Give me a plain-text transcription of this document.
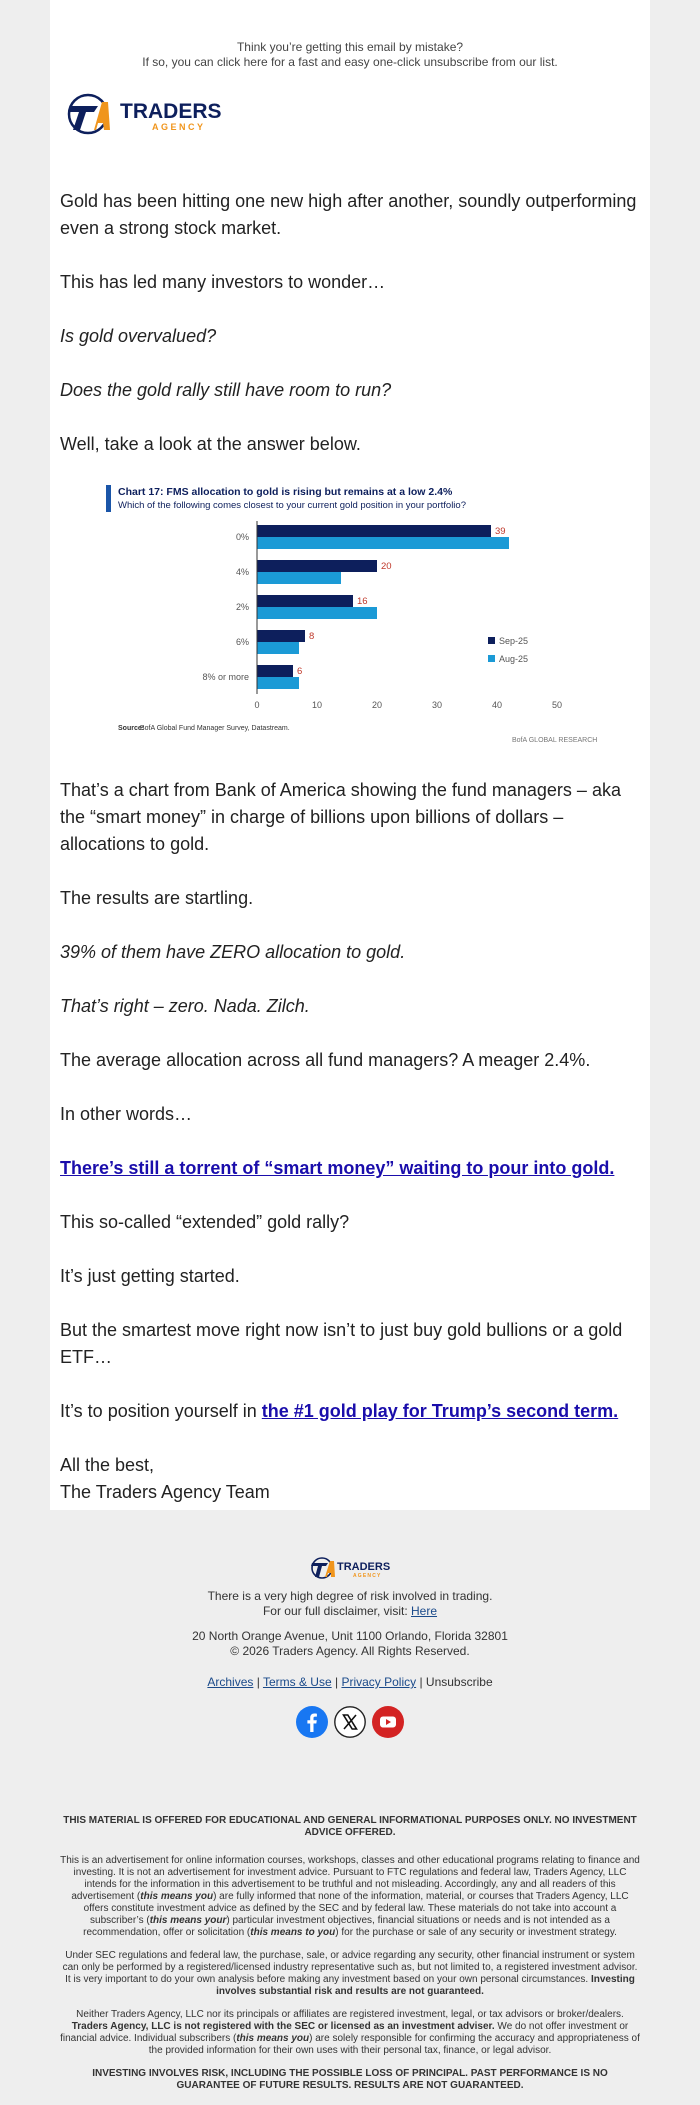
Think you’re getting this email by mistake?
If so, you can click here for a fast and easy one-click unsubscribe from our list.
TRADERS
AGENCY

Gold has been hitting one new high after another, soundly outperforming even a strong stock market.

This has led many investors to wonder…

Is gold overvalued?

Does the gold rally still have room to run?

Well, take a look at the answer below.

Chart 17: FMS allocation to gold is rising but remains at a low 2.4%
Which of the following comes closest to your current gold position in your portfolio?
0%	39
4%	20
2%	16
6%	8
8% or more	6
0	10	20	30	40	50
Sep-25
Aug-25
Source:
BofA Global Fund Manager Survey, Datastream.
BofA GLOBAL RESEARCH

That’s a chart from Bank of America showing the fund managers – aka the “smart money” in charge of billions upon billions of dollars – allocations to gold.

The results are startling.

39% of them have ZERO allocation to gold.

That’s right – zero. Nada. Zilch.

The average allocation across all fund managers? A meager 2.4%.

In other words…

There’s still a torrent of “smart money” waiting to pour into gold.

This so-called “extended” gold rally?

It’s just getting started.

But the smartest move right now isn’t to just buy gold bullions or a gold ETF…

It’s to position yourself in the #1 gold play for Trump’s second term.

All the best,
The Traders Agency Team

TRADERS
AGENCY
There is a very high degree of risk involved in trading.
For our full disclaimer, visit: Here
20 North Orange Avenue, Unit 1100 Orlando, Florida 32801
© 2026 Traders Agency. All Rights Reserved.
Archives | Terms & Use | Privacy Policy | Unsubscribe

THIS MATERIAL IS OFFERED FOR EDUCATIONAL AND GENERAL INFORMATIONAL PURPOSES ONLY. NO INVESTMENT ADVICE OFFERED.

This is an advertisement for online information courses, workshops, classes and other educational programs relating to finance and investing. It is not an advertisement for investment advice. Pursuant to FTC regulations and federal law, Traders Agency, LLC intends for the information in this advertisement to be truthful and not misleading. Accordingly, any and all readers of this advertisement (this means you) are fully informed that none of the information, material, or courses that Traders Agency, LLC offers constitute investment advice as defined by the SEC and by federal law. These materials do not take into account a subscriber’s (this means your) particular investment objectives, financial situations or needs and is not intended as a recommendation, offer or solicitation (this means to you) for the purchase or sale of any security or investment strategy.

Under SEC regulations and federal law, the purchase, sale, or advice regarding any security, other financial instrument or system can only be performed by a registered/licensed industry representative such as, but not limited to, a registered investment advisor. It is very important to do your own analysis before making any investment based on your own personal circumstances. Investing involves substantial risk and results are not guaranteed.

Neither Traders Agency, LLC nor its principals or affiliates are registered investment, legal, or tax advisors or broker/dealers. Traders Agency, LLC is not registered with the SEC or licensed as an investment adviser. We do not offer investment or financial advice. Individual subscribers (this means you) are solely responsible for confirming the accuracy and appropriateness of the provided information for their own uses with their personal tax, finance, or legal advisor.

INVESTING INVOLVES RISK, INCLUDING THE POSSIBLE LOSS OF PRINCIPAL. PAST PERFORMANCE IS NO GUARANTEE OF FUTURE RESULTS. RESULTS ARE NOT GUARANTEED.
